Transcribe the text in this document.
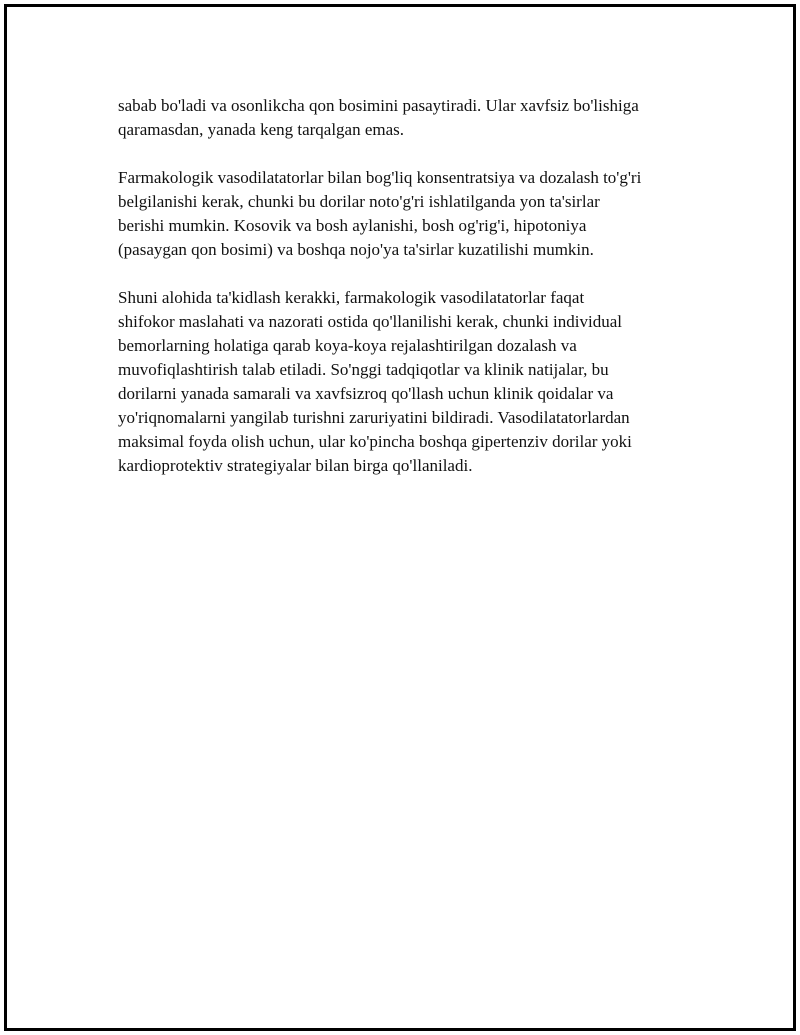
sabab bo'ladi va osonlikcha qon bosimini pasaytiradi. Ular xavfsiz bo'lishiga
qaramasdan, yanada keng tarqalgan emas.

Farmakologik vasodilatatorlar bilan bog'liq konsentratsiya va dozalash to'g'ri
belgilanishi kerak, chunki bu dorilar noto'g'ri ishlatilganda yon ta'sirlar
berishi mumkin. Kosovik va bosh aylanishi, bosh og'rig'i, hipotoniya
(pasaygan qon bosimi) va boshqa nojo'ya ta'sirlar kuzatilishi mumkin.

Shuni alohida ta'kidlash kerakki, farmakologik vasodilatatorlar faqat
shifokor maslahati va nazorati ostida qo'llanilishi kerak, chunki individual
bemorlarning holatiga qarab koya-koya rejalashtirilgan dozalash va
muvofiqlashtirish talab etiladi. So'nggi tadqiqotlar va klinik natijalar, bu
dorilarni yanada samarali va xavfsizroq qo'llash uchun klinik qoidalar va
yo'riqnomalarni yangilab turishni zaruriyatini bildiradi. Vasodilatatorlardan
maksimal foyda olish uchun, ular ko'pincha boshqa gipertenziv dorilar yoki
kardioprotektiv strategiyalar bilan birga qo'llaniladi.
